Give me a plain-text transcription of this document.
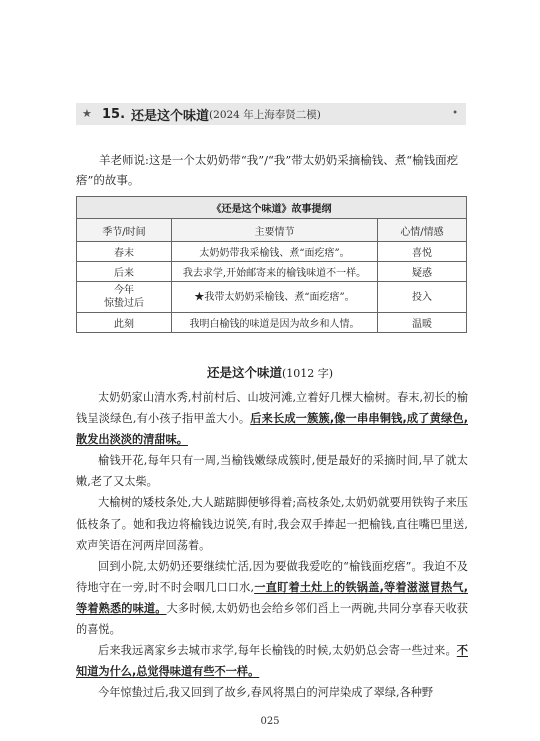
★ 15. 还是这个味道 (2024 年上海奉贤二模)	•
羊老师说:这是一个太奶奶带“我”/“我”带太奶奶采摘榆钱、煮“榆钱面疙瘩”的故事。
《还是这个味道》故事提纲		
季节/时间	主要情节	心情/情感
春末	太奶奶带我采榆钱、煮“面疙瘩”。	喜悦
后来	我去求学,开始邮寄来的榆钱味道不一样。	疑惑
今年
惊蛰过后	★我带太奶奶采榆钱、煮“面疙瘩”。	投入
此刻	我明白榆钱的味道是因为故乡和人情。	温暖
还是这个味道(1012 字)

太奶奶家山清水秀,村前村后、山坡河滩,立着好几棵大榆树。春末,初长的榆钱呈淡绿色,有小孩子指甲盖大小。后来长成一簇簇,像一串串铜钱,成了黄绿色,散发出淡淡的清甜味。

榆钱开花,每年只有一周,当榆钱嫩绿成簇时,便是最好的采摘时间,早了就太嫩,老了又太柴。

大榆树的矮枝条处,大人踮踮脚便够得着;高枝条处,太奶奶就要用铁钩子来压低枝条了。她和我边将榆钱边说笑,有时,我会双手捧起一把榆钱,直往嘴巴里送,欢声笑语在河两岸回荡着。

回到小院,太奶奶还要继续忙活,因为要做我爱吃的“榆钱面疙瘩”。我迫不及待地守在一旁,时不时会咽几口口水,一直盯着土灶上的铁锅盖,等着滋滋冒热气,等着熟悉的味道。大多时候,太奶奶也会给乡邻们舀上一两碗,共同分享春天收获的喜悦。

后来我远离家乡去城市求学,每年长榆钱的时候,太奶奶总会寄一些过来。不知道为什么,总觉得味道有些不一样。

今年惊蛰过后,我又回到了故乡,春风将黑白的河岸染成了翠绿,各种野

025
